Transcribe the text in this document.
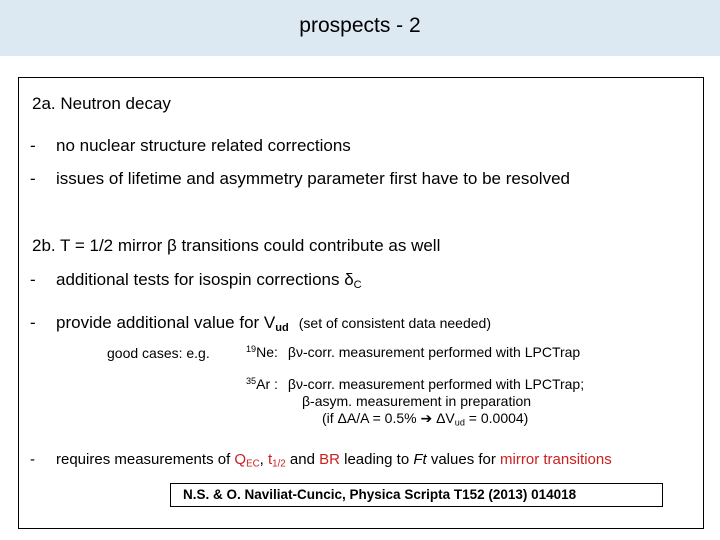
prospects - 2
2a. Neutron decay
- no nuclear structure related corrections
- issues of lifetime and asymmetry parameter first have to be resolved
2b. T = 1/2 mirror β transitions could contribute as well
- additional tests for isospin corrections $\delta_C$
- provide additional value for $V_{ud}$ (set of consistent data needed)
good cases: e.g.	$^{19}$Ne: βν-corr. measurement performed with LPCTrap
$^{35}$Ar : βν-corr. measurement performed with LPCTrap;
β-asym. measurement in preparation
(if ΔA/A = 0.5% ➔ $\Delta V_{ud} = 0.0004$)
- requires measurements of $Q_{EC}$, $t_{1/2}$ and BR leading to Ft values for mirror transitions
N.S. & O. Naviliat-Cuncic, Physica Scripta T152 (2013) 014018
